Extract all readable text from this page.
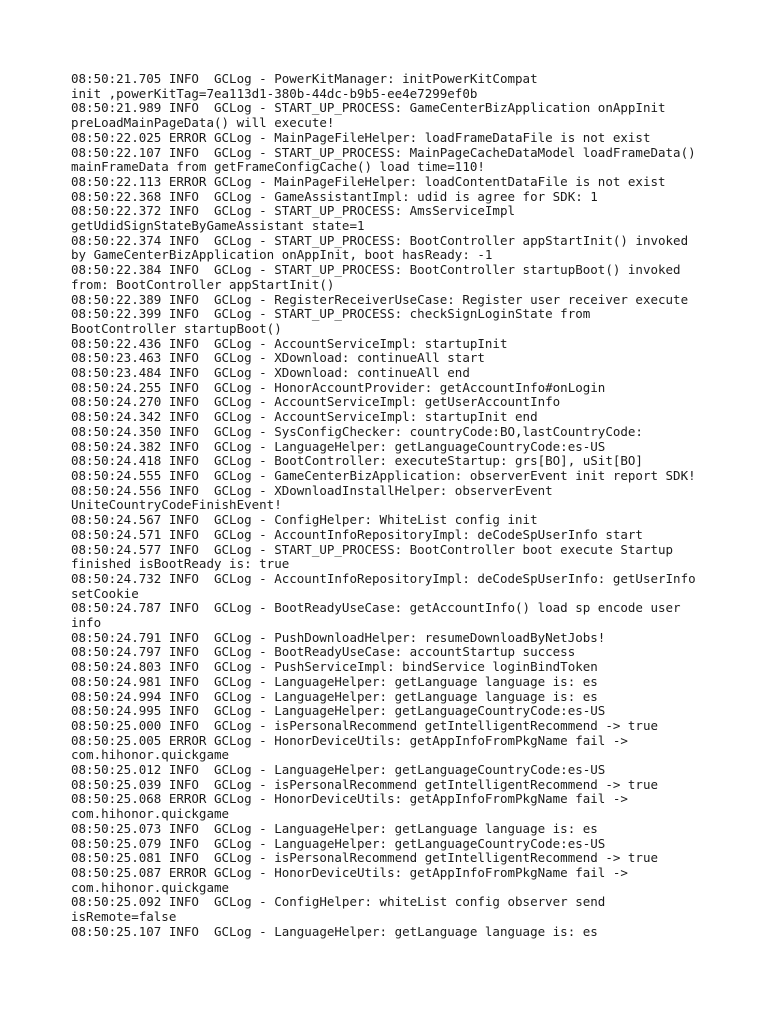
08:50:21.705 INFO  GCLog - PowerKitManager: initPowerKitCompat
init ,powerKitTag=7ea113d1-380b-44dc-b9b5-ee4e7299ef0b
08:50:21.989 INFO  GCLog - START_UP_PROCESS: GameCenterBizApplication onAppInit
preLoadMainPageData() will execute!
08:50:22.025 ERROR GCLog - MainPageFileHelper: loadFrameDataFile is not exist
08:50:22.107 INFO  GCLog - START_UP_PROCESS: MainPageCacheDataModel loadFrameData()
mainFrameData from getFrameConfigCache() load time=110!
08:50:22.113 ERROR GCLog - MainPageFileHelper: loadContentDataFile is not exist
08:50:22.368 INFO  GCLog - GameAssistantImpl: udid is agree for SDK: 1
08:50:22.372 INFO  GCLog - START_UP_PROCESS: AmsServiceImpl
getUdidSignStateByGameAssistant state=1
08:50:22.374 INFO  GCLog - START_UP_PROCESS: BootController appStartInit() invoked
by GameCenterBizApplication onAppInit, boot hasReady: -1
08:50:22.384 INFO  GCLog - START_UP_PROCESS: BootController startupBoot() invoked
from: BootController appStartInit()
08:50:22.389 INFO  GCLog - RegisterReceiverUseCase: Register user receiver execute
08:50:22.399 INFO  GCLog - START_UP_PROCESS: checkSignLoginState from
BootController startupBoot()
08:50:22.436 INFO  GCLog - AccountServiceImpl: startupInit
08:50:23.463 INFO  GCLog - XDownload: continueAll start
08:50:23.484 INFO  GCLog - XDownload: continueAll end
08:50:24.255 INFO  GCLog - HonorAccountProvider: getAccountInfo#onLogin
08:50:24.270 INFO  GCLog - AccountServiceImpl: getUserAccountInfo
08:50:24.342 INFO  GCLog - AccountServiceImpl: startupInit end
08:50:24.350 INFO  GCLog - SysConfigChecker: countryCode:BO,lastCountryCode:
08:50:24.382 INFO  GCLog - LanguageHelper: getLanguageCountryCode:es-US
08:50:24.418 INFO  GCLog - BootController: executeStartup: grs[BO], uSit[BO]
08:50:24.555 INFO  GCLog - GameCenterBizApplication: observerEvent init report SDK!
08:50:24.556 INFO  GCLog - XDownloadInstallHelper: observerEvent
UniteCountryCodeFinishEvent!
08:50:24.567 INFO  GCLog - ConfigHelper: WhiteList config init
08:50:24.571 INFO  GCLog - AccountInfoRepositoryImpl: deCodeSpUserInfo start
08:50:24.577 INFO  GCLog - START_UP_PROCESS: BootController boot execute Startup
finished isBootReady is: true
08:50:24.732 INFO  GCLog - AccountInfoRepositoryImpl: deCodeSpUserInfo: getUserInfo
setCookie
08:50:24.787 INFO  GCLog - BootReadyUseCase: getAccountInfo() load sp encode user
info
08:50:24.791 INFO  GCLog - PushDownloadHelper: resumeDownloadByNetJobs!
08:50:24.797 INFO  GCLog - BootReadyUseCase: accountStartup success
08:50:24.803 INFO  GCLog - PushServiceImpl: bindService loginBindToken
08:50:24.981 INFO  GCLog - LanguageHelper: getLanguage language is: es
08:50:24.994 INFO  GCLog - LanguageHelper: getLanguage language is: es
08:50:24.995 INFO  GCLog - LanguageHelper: getLanguageCountryCode:es-US
08:50:25.000 INFO  GCLog - isPersonalRecommend getIntelligentRecommend -> true
08:50:25.005 ERROR GCLog - HonorDeviceUtils: getAppInfoFromPkgName fail ->
com.hihonor.quickgame
08:50:25.012 INFO  GCLog - LanguageHelper: getLanguageCountryCode:es-US
08:50:25.039 INFO  GCLog - isPersonalRecommend getIntelligentRecommend -> true
08:50:25.068 ERROR GCLog - HonorDeviceUtils: getAppInfoFromPkgName fail ->
com.hihonor.quickgame
08:50:25.073 INFO  GCLog - LanguageHelper: getLanguage language is: es
08:50:25.079 INFO  GCLog - LanguageHelper: getLanguageCountryCode:es-US
08:50:25.081 INFO  GCLog - isPersonalRecommend getIntelligentRecommend -> true
08:50:25.087 ERROR GCLog - HonorDeviceUtils: getAppInfoFromPkgName fail ->
com.hihonor.quickgame
08:50:25.092 INFO  GCLog - ConfigHelper: whiteList config observer send
isRemote=false
08:50:25.107 INFO  GCLog - LanguageHelper: getLanguage language is: es
